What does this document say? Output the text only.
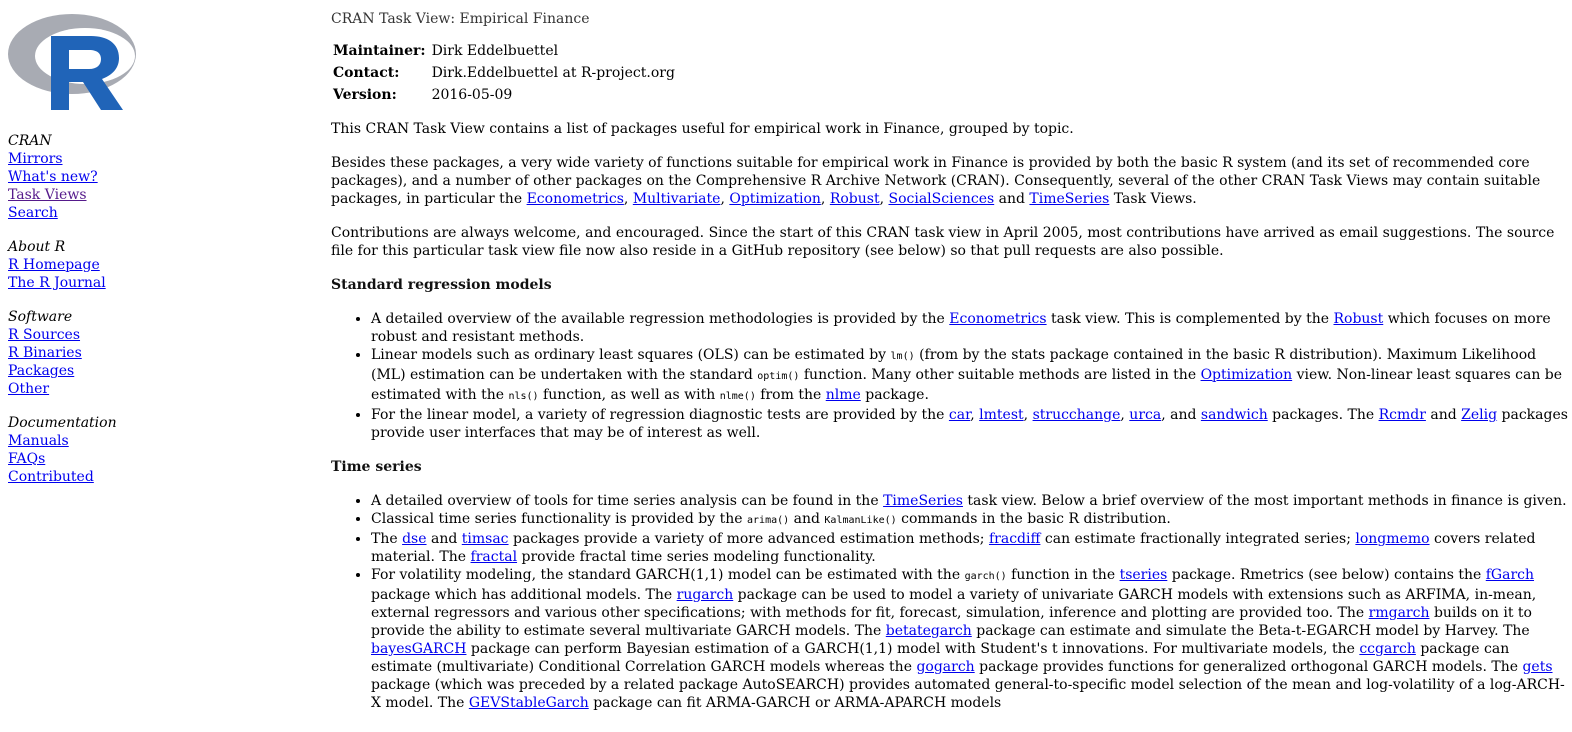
CRAN
Mirrors
What's new?
Task Views
Search
About R
R Homepage
The R Journal
Software
R Sources
R Binaries
Packages
Other
Documentation
Manuals
FAQs
Contributed
CRAN Task View: Empirical Finance
Maintainer:	Dirk Eddelbuettel
Contact:	Dirk.Eddelbuettel at R-project.org
Version:	2016-05-09

This CRAN Task View contains a list of packages useful for empirical work in Finance, grouped by topic.

Besides these packages, a very wide variety of functions suitable for empirical work in Finance is provided by both the basic R system (and its set of recommended core packages), and a number of other packages on the Comprehensive R Archive Network (CRAN). Consequently, several of the other CRAN Task Views may contain suitable packages, in particular the Econometrics, Multivariate, Optimization, Robust, SocialSciences and TimeSeries Task Views.

Contributions are always welcome, and encouraged. Since the start of this CRAN task view in April 2005, most contributions have arrived as email suggestions. The source file for this particular task view file now also reside in a GitHub repository (see below) so that pull requests are also possible.

Standard regression models
• A detailed overview of the available regression methodologies is provided by the Econometrics task view. This is complemented by the Robust which focuses on more robust and resistant methods.
• Linear models such as ordinary least squares (OLS) can be estimated by lm() (from by the stats package contained in the basic R distribution). Maximum Likelihood (ML) estimation can be undertaken with the standard optim() function. Many other suitable methods are listed in the Optimization view. Non-linear least squares can be estimated with the nls() function, as well as with nlme() from the nlme package.
• For the linear model, a variety of regression diagnostic tests are provided by the car, lmtest, strucchange, urca, and sandwich packages. The Rcmdr and Zelig packages provide user interfaces that may be of interest as well.
Time series
• A detailed overview of tools for time series analysis can be found in the TimeSeries task view. Below a brief overview of the most important methods in finance is given.
• Classical time series functionality is provided by the arima() and KalmanLike() commands in the basic R distribution.
• The dse and timsac packages provide a variety of more advanced estimation methods; fracdiff can estimate fractionally integrated series; longmemo covers related material. The fractal provide fractal time series modeling functionality.
• For volatility modeling, the standard GARCH(1,1) model can be estimated with the garch() function in the tseries package. Rmetrics (see below) contains the fGarch package which has additional models. The rugarch package can be used to model a variety of univariate GARCH models with extensions such as ARFIMA, in-mean, external regressors and various other specifications; with methods for fit, forecast, simulation, inference and plotting are provided too. The rmgarch builds on it to provide the ability to estimate several multivariate GARCH models. The betategarch package can estimate and simulate the Beta-t-EGARCH model by Harvey. The bayesGARCH package can perform Bayesian estimation of a GARCH(1,1) model with Student's t innovations. For multivariate models, the ccgarch package can estimate (multivariate) Conditional Correlation GARCH models whereas the gogarch package provides functions for generalized orthogonal GARCH models. The gets package (which was preceded by a related package AutoSEARCH) provides automated general-to-specific model selection of the mean and log-volatility of a log-ARCH-X model. The GEVStableGarch package can fit ARMA-GARCH or ARMA-APARCH models
